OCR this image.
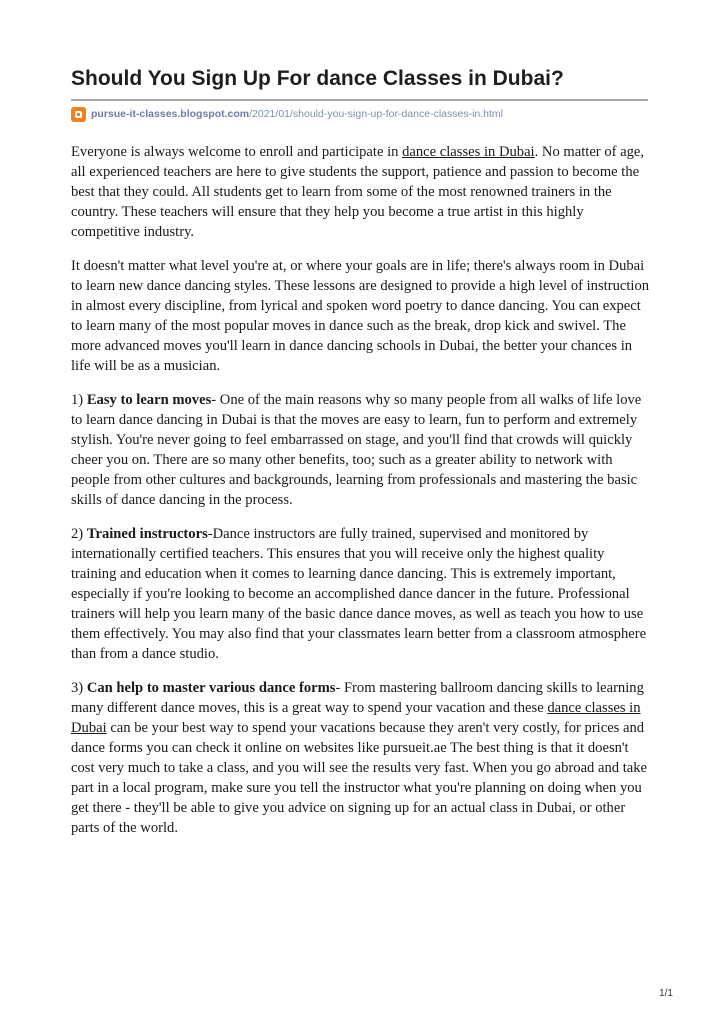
Should You Sign Up For dance Classes in Dubai?
pursue-it-classes.blogspot.com /2021/01/should-you-sign-up-for-dance-classes-in.html

Everyone is always welcome to enroll and participate in dance classes in Dubai. No matter of age, all experienced teachers are here to give students the support, patience and passion to become the best that they could. All students get to learn from some of the most renowned trainers in the country. These teachers will ensure that they help you become a true artist in this highly competitive industry.

It doesn't matter what level you're at, or where your goals are in life; there's always room in Dubai to learn new dance dancing styles. These lessons are designed to provide a high level of instruction in almost every discipline, from lyrical and spoken word poetry to dance dancing. You can expect to learn many of the most popular moves in dance such as the break, drop kick and swivel. The more advanced moves you'll learn in dance dancing schools in Dubai, the better your chances in life will be as a musician.

1) Easy to learn moves- One of the main reasons why so many people from all walks of life love to learn dance dancing in Dubai is that the moves are easy to learn, fun to perform and extremely stylish. You're never going to feel embarrassed on stage, and you'll find that crowds will quickly cheer you on. There are so many other benefits, too; such as a greater ability to network with people from other cultures and backgrounds, learning from professionals and mastering the basic skills of dance dancing in the process.

2) Trained instructors-Dance instructors are fully trained, supervised and monitored by internationally certified teachers. This ensures that you will receive only the highest quality training and education when it comes to learning dance dancing. This is extremely important, especially if you're looking to become an accomplished dance dancer in the future. Professional trainers will help you learn many of the basic dance dance moves, as well as teach you how to use them effectively. You may also find that your classmates learn better from a classroom atmosphere than from a dance studio.

3) Can help to master various dance forms- From mastering ballroom dancing skills to learning many different dance moves, this is a great way to spend your vacation and these dance classes in Dubai can be your best way to spend your vacations because they aren't very costly, for prices and dance forms you can check it online on websites like pursueit.ae The best thing is that it doesn't cost very much to take a class, and you will see the results very fast. When you go abroad and take part in a local program, make sure you tell the instructor what you're planning on doing when you get there - they'll be able to give you advice on signing up for an actual class in Dubai, or other parts of the world.

1/1
